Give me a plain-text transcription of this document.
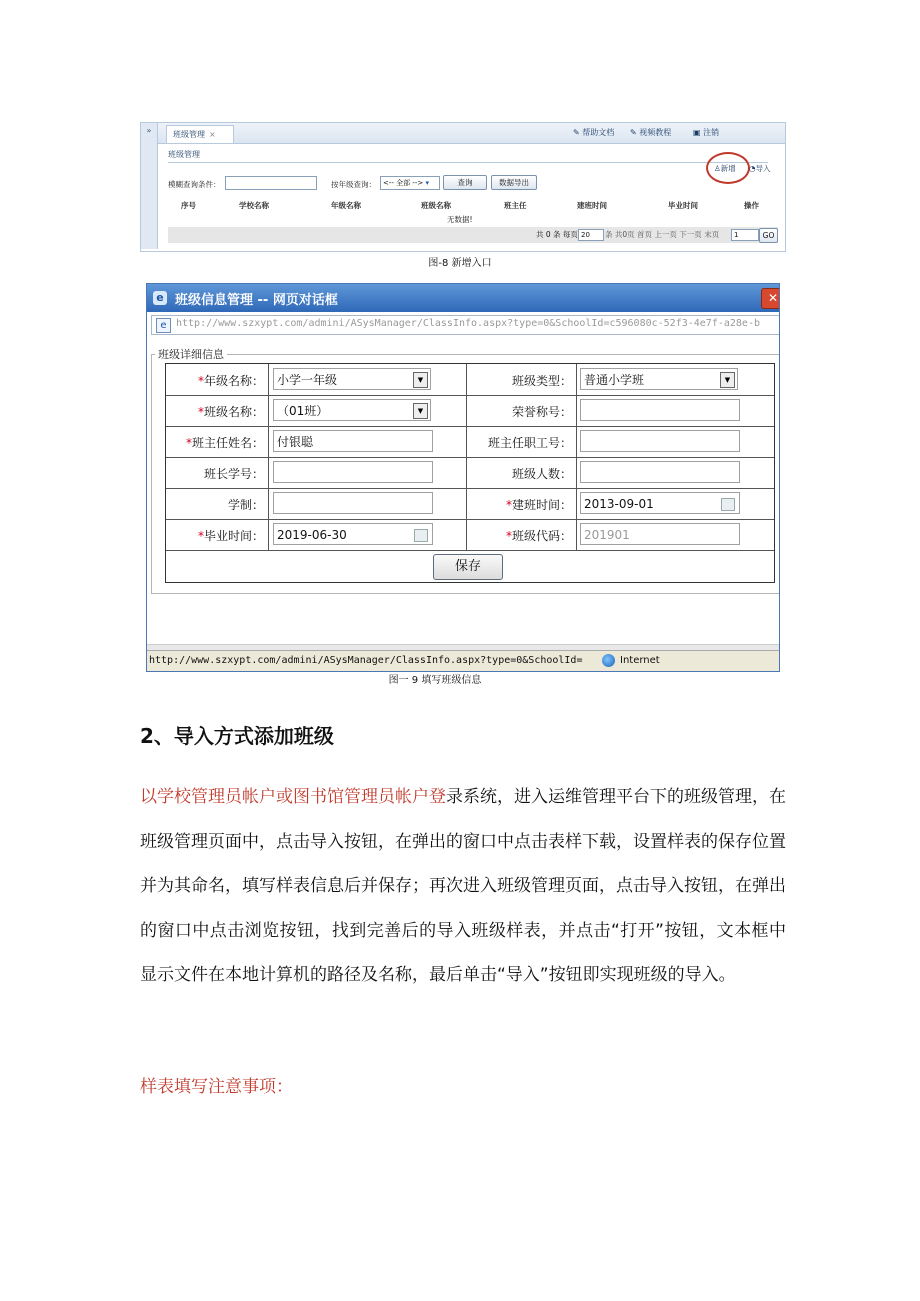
»	班级管理 ×	✎ 帮助文档 ✎ 视频教程	▣ 注销
班级管理
模糊查询条件：	按年级查询：	<-- 全部 --> ▾	查询	数据导出
♙新增 ◔导入
序号	学校名称	年级名称	班级名称	班主任	建班时间	毕业时间	操作
无数据!
共 0 条 每页 20	条 共0页 首页 上一页 下一页 末页	1	GO
图-8 新增入口
e 班级信息管理 -- 网页对话框	✕
e http://www.szxypt.com/admini/ASysManager/ClassInfo.aspx?type=0&SchoolId=c596080c-52f3-4e7f-a28e-b
班级详细信息
*年级名称：	小学一年级	▼	班级类型：	普通小学班	▼
*班级名称：	（01班）	▼	荣誉称号：
*班主任姓名：	付银聪	班主任职工号：
班长学号：	班级人数：
学制：	*建班时间：	2013-09-01
*毕业时间：	2019-06-30	*班级代码：	201901
保存
http://www.szxypt.com/admini/ASysManager/ClassInfo.aspx?type=0&SchoolId=	Internet
图一 9 填写班级信息
2、导入方式添加班级
以学校管理员帐户或图书馆管理员帐户登录系统，进入运维管理平台下的班级管理，在班级管理页面中，点击导入按钮，在弹出的窗口中点击表样下载，设置样表的保存位置并为其命名，填写样表信息后并保存；再次进入班级管理页面，点击导入按钮，在弹出的窗口中点击浏览按钮，找到完善后的导入班级样表，并点击“打开”按钮，文本框中显示文件在本地计算机的路径及名称，最后单击“导入”按钮即实现班级的导入。
样表填写注意事项：
